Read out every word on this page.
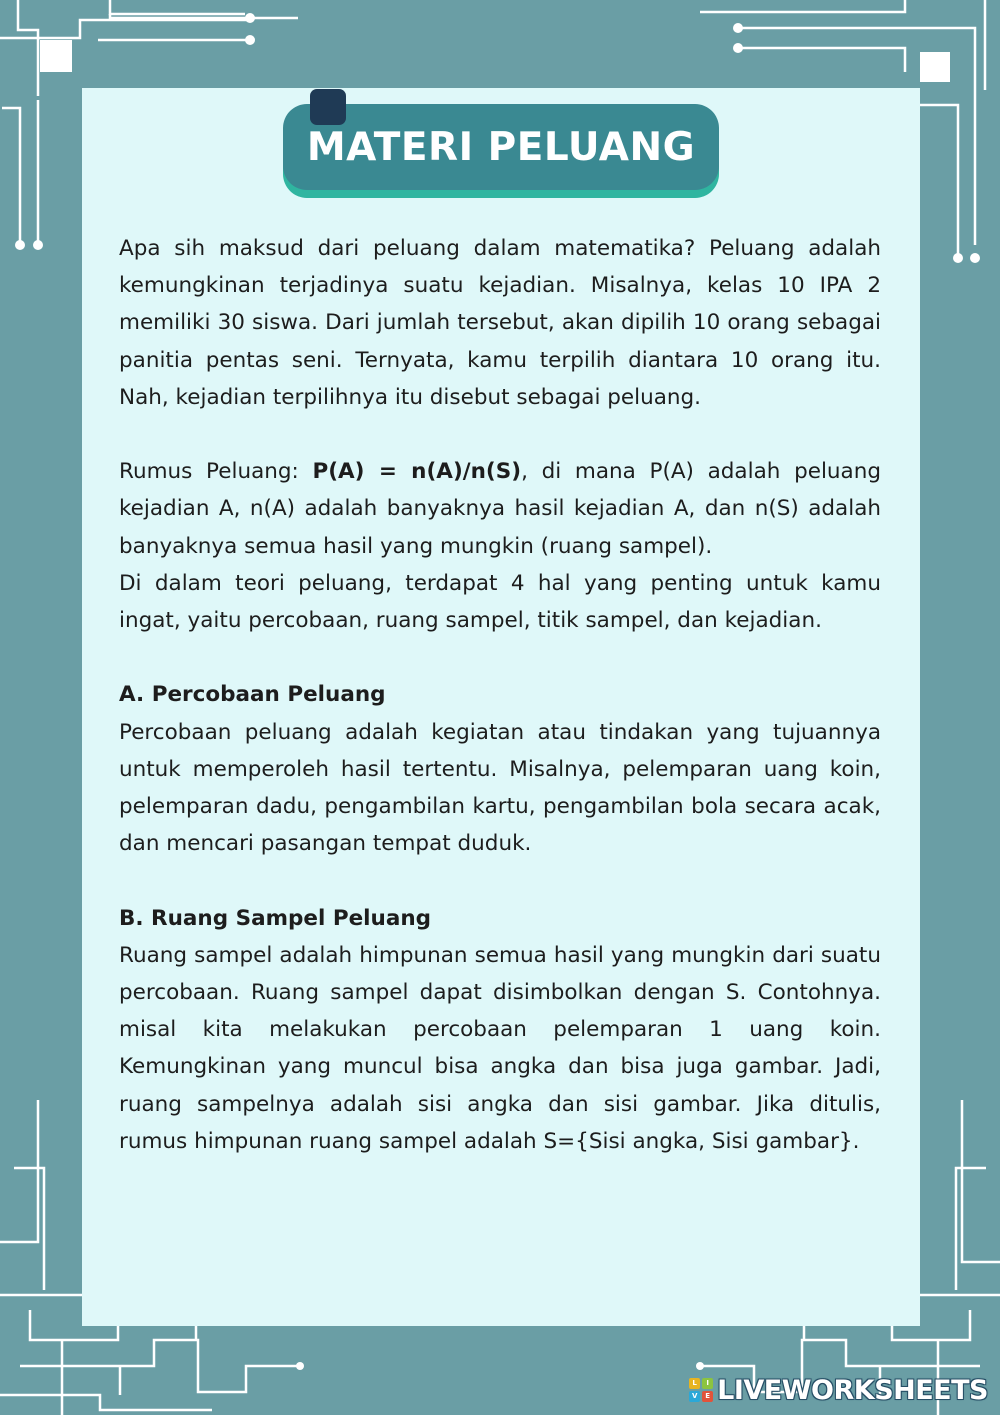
MATERI PELUANG

Apa sih maksud dari peluang dalam matematika? Peluang adalah kemungkinan terjadinya suatu kejadian. Misalnya, kelas 10 IPA 2 memiliki 30 siswa. Dari jumlah tersebut, akan dipilih 10 orang sebagai panitia pentas seni. Ternyata, kamu terpilih diantara 10 orang itu. Nah, kejadian terpilihnya itu disebut sebagai peluang.

Rumus Peluang: P(A) = n(A)/n(S), di mana P(A) adalah peluang kejadian A, n(A) adalah banyaknya hasil kejadian A, dan n(S) adalah banyaknya semua hasil yang mungkin (ruang sampel).

Di dalam teori peluang, terdapat 4 hal yang penting untuk kamu ingat, yaitu percobaan, ruang sampel, titik sampel, dan kejadian.

A. Percobaan Peluang

Percobaan peluang adalah kegiatan atau tindakan yang tujuannya untuk memperoleh hasil tertentu. Misalnya, pelemparan uang koin, pelemparan dadu, pengambilan kartu, pengambilan bola secara acak, dan mencari pasangan tempat duduk.

B. Ruang Sampel Peluang

Ruang sampel adalah himpunan semua hasil yang mungkin dari suatu percobaan. Ruang sampel dapat disimbolkan dengan S. Contohnya. misal kita melakukan percobaan pelemparan 1 uang koin. Kemungkinan yang muncul bisa angka dan bisa juga gambar. Jadi, ruang sampelnya adalah sisi angka dan sisi gambar. Jika ditulis, rumus himpunan ruang sampel adalah S={Sisi angka, Sisi gambar}.

L	I
V	E LIVEWORKSHEETS
